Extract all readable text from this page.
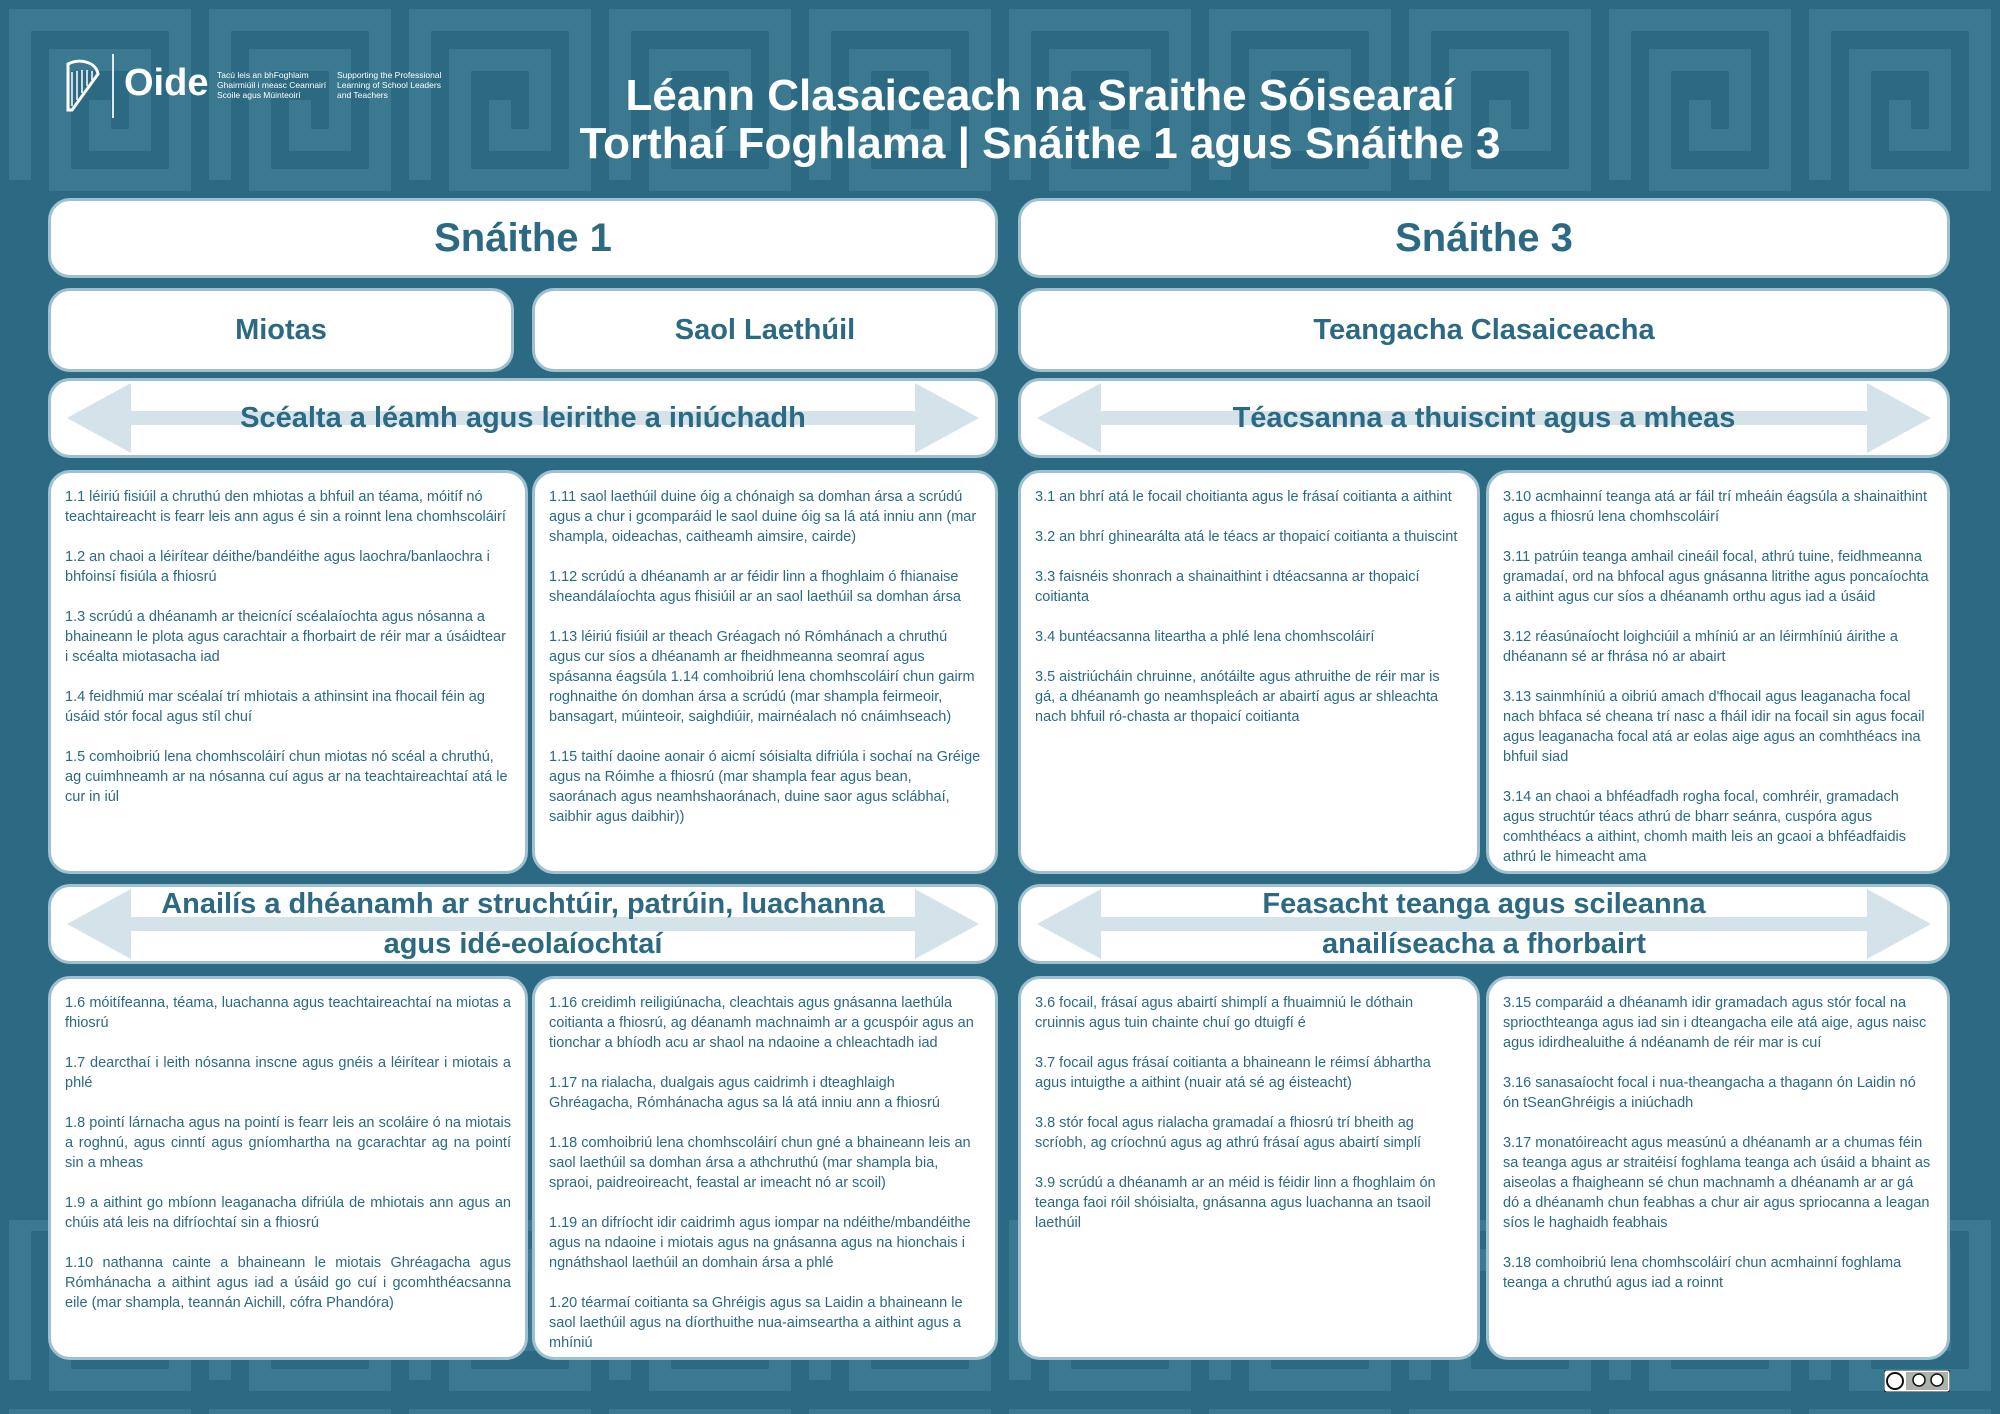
Oide Tacú leis an bhFoghlaim
Ghairmiúil i measc Ceannairí
Scoile agus Múinteoirí
Supporting the Professional
Learning of School Leaders
and Teachers	Léann Clasaiceach na Sraithe Sóisearaí
Torthaí Foghlama | Snáithe 1 agus Snáithe 3
Snáithe 1	Snáithe 3
Miotas	Saol Laethúil	Teangacha Clasaiceacha
Scéalta a léamh agus leirithe a iniúchadh	Téacsanna a thuiscint agus a mheas

1.1 léiriú fisiúil a chruthú den mhiotas a bhfuil an téama, móitíf nó teachtaireacht is fearr leis ann agus é sin a roinnt lena chomhscoláirí

1.2 an chaoi a léirítear déithe/bandéithe agus laochra/banlaochra i bhfoinsí fisiúla a fhiosrú

1.3 scrúdú a dhéanamh ar theicnící scéalaíochta agus nósanna a bhaineann le plota agus carachtair a fhorbairt de réir mar a úsáidtear i scéalta miotasacha iad

1.4 feidhmiú mar scéalaí trí mhiotais a athinsint ina fhocail féin ag úsáid stór focal agus stíl chuí

1.5 comhoibriú lena chomhscoláirí chun miotas nó scéal a chruthú, ag cuimhneamh ar na nósanna cuí agus ar na teachtaireachtaí atá le cur in iúl

1.11 saol laethúil duine óig a chónaigh sa domhan ársa a scrúdú agus a chur i gcomparáid le saol duine óig sa lá atá inniu ann (mar shampla, oideachas, caitheamh aimsire, cairde)

1.12 scrúdú a dhéanamh ar ar féidir linn a fhoghlaim ó fhianaise sheandálaíochta agus fhisiúil ar an saol laethúil sa domhan ársa

1.13 léiriú fisiúil ar theach Gréagach nó Rómhánach a chruthú agus cur síos a dhéanamh ar fheidhmeanna seomraí agus spásanna éagsúla 1.14 comhoibriú lena chomhscoláirí chun gairm roghnaithe ón domhan ársa a scrúdú (mar shampla feirmeoir, bansagart, múinteoir, saighdiúir, mairnéalach nó cnáimhseach)

1.15 taithí daoine aonair ó aicmí sóisialta difriúla i sochaí na Gréige agus na Róimhe a fhiosrú (mar shampla fear agus bean, saoránach agus neamhshaoránach, duine saor agus sclábhaí, saibhir agus daibhir))

3.1 an bhrí atá le focail choitianta agus le frásaí coitianta a aithint

3.2 an bhrí ghinearálta atá le téacs ar thopaicí coitianta a thuiscint

3.3 faisnéis shonrach a shainaithint i dtéacsanna ar thopaicí coitianta

3.4 buntéacsanna liteartha a phlé lena chomhscoláirí

3.5 aistriúcháin chruinne, anótáilte agus athruithe de réir mar is gá, a dhéanamh go neamhspleách ar abairtí agus ar shleachta nach bhfuil ró-chasta ar thopaicí coitianta

3.10 acmhainní teanga atá ar fáil trí mheáin éagsúla a shainaithint agus a fhiosrú lena chomhscoláirí

3.11 patrúin teanga amhail cineáil focal, athrú tuine, feidhmeanna gramadaí, ord na bhfocal agus gnásanna litrithe agus poncaíochta a aithint agus cur síos a dhéanamh orthu agus iad a úsáid

3.12 réasúnaíocht loighciúil a mhíniú ar an léirmhíniú áirithe a dhéanann sé ar fhrása nó ar abairt

3.13 sainmhíniú a oibriú amach d'fhocail agus leaganacha focal nach bhfaca sé cheana trí nasc a fháil idir na focail sin agus focail agus leaganacha focal atá ar eolas aige agus an comhthéacs ina bhfuil siad

3.14 an chaoi a bhféadfadh rogha focal, comhréir, gramadach agus struchtúr téacs athrú de bharr seánra, cuspóra agus comhthéacs a aithint, chomh maith leis an gcaoi a bhféadfaidis athrú le himeacht ama

Anailís a dhéanamh ar struchtúir, patrúin, luachanna agus idé-eolaíochtaí
Feasacht teanga agus scileanna
anailíseacha a fhorbairt

1.6 móitífeanna, téama, luachanna agus teachtaireachtaí na miotas a fhiosrú

1.7 dearcthaí i leith nósanna inscne agus gnéis a léirítear i miotais a phlé

1.8 pointí lárnacha agus na pointí is fearr leis an scoláire ó na miotais a roghnú, agus cinntí agus gníomhartha na gcarachtar ag na pointí sin a mheas

1.9 a aithint go mbíonn leaganacha difriúla de mhiotais ann agus an chúis atá leis na difríochtaí sin a fhiosrú

1.10 nathanna cainte a bhaineann le miotais Ghréagacha agus Rómhánacha a aithint agus iad a úsáid go cuí i gcomhthéacsanna eile (mar shampla, teannán Aichill, cófra Phandóra)

1.16 creidimh reiligiúnacha, cleachtais agus gnásanna laethúla coitianta a fhiosrú, ag déanamh machnaimh ar a gcuspóir agus an tionchar a bhíodh acu ar shaol na ndaoine a chleachtadh iad

1.17 na rialacha, dualgais agus caidrimh i dteaghlaigh Ghréagacha, Rómhánacha agus sa lá atá inniu ann a fhiosrú

1.18 comhoibriú lena chomhscoláirí chun gné a bhaineann leis an saol laethúil sa domhan ársa a athchruthú (mar shampla bia, spraoi, paidreoireacht, feastal ar imeacht nó ar scoil)

1.19 an difríocht idir caidrimh agus iompar na ndéithe/mbandéithe agus na ndaoine i miotais agus na gnásanna agus na hionchais i ngnáthshaol laethúil an domhain ársa a phlé

1.20 téarmaí coitianta sa Ghréigis agus sa Laidin a bhaineann le saol laethúil agus na díorthuithe nua-aimseartha a aithint agus a mhíniú

3.6 focail, frásaí agus abairtí shimplí a fhuaimniú le dóthain cruinnis agus tuin chainte chuí go dtuigfí é

3.7 focail agus frásaí coitianta a bhaineann le réimsí ábhartha agus intuigthe a aithint (nuair atá sé ag éisteacht)

3.8 stór focal agus rialacha gramadaí a fhiosrú trí bheith ag scríobh, ag críochnú agus ag athrú frásaí agus abairtí simplí

3.9 scrúdú a dhéanamh ar an méid is féidir linn a fhoghlaim ón teanga faoi róil shóisialta, gnásanna agus luachanna an tsaoil laethúil

3.15 comparáid a dhéanamh idir gramadach agus stór focal na spriocthteanga agus iad sin i dteangacha eile atá aige, agus naisc agus idirdhealuithe á ndéanamh de réir mar is cuí

3.16 sanasaíocht focal i nua-theangacha a thagann ón Laidin nó ón tSeanGhréigis a iniúchadh

3.17 monatóireacht agus measúnú a dhéanamh ar a chumas féin sa teanga agus ar straitéisí foghlama teanga ach úsáid a bhaint as aiseolas a fhaigheann sé chun machnamh a dhéanamh ar ar gá dó a dhéanamh chun feabhas a chur air agus spriocanna a leagan síos le haghaidh feabhais

3.18 comhoibriú lena chomhscoláirí chun acmhainní foghlama teanga a chruthú agus iad a roinnt
